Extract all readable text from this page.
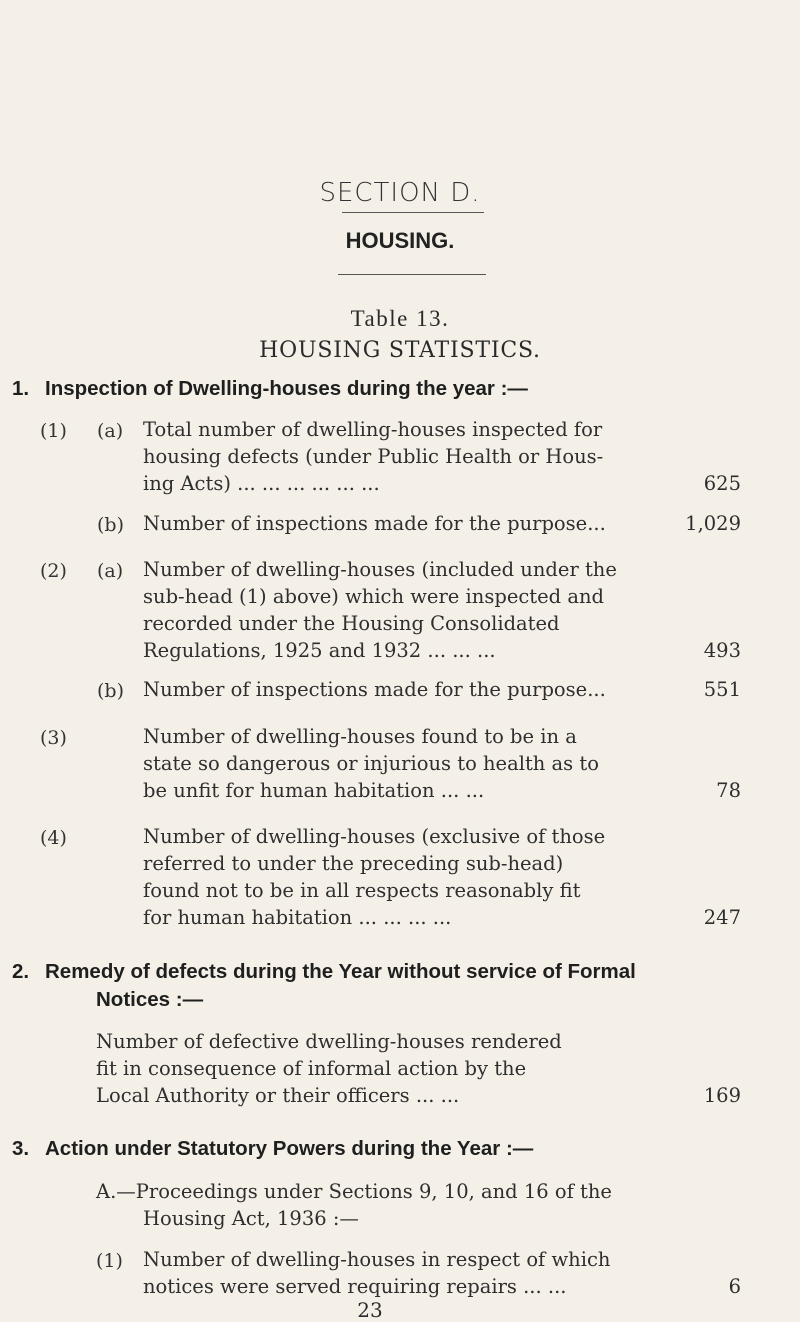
SECTION D.
HOUSING.
Table 13.
HOUSING STATISTICS.
1. Inspection of Dwelling-houses during the year :—
(1) (a) Total number of dwelling-houses inspected for
housing defects (under Public Health or Hous-
ing Acts) ... ... ... ... ... ...	625
(b) Number of inspections made for the purpose...	1,029
(2) (a) Number of dwelling-houses (included under the
sub-head (1) above) which were inspected and
recorded under the Housing Consolidated
Regulations, 1925 and 1932 ... ... ...	493
(b) Number of inspections made for the purpose...	551
(3)	Number of dwelling-houses found to be in a
state so dangerous or injurious to health as to
be unfit for human habitation ... ...	78
(4)	Number of dwelling-houses (exclusive of those
referred to under the preceding sub-head)
found not to be in all respects reasonably fit
for human habitation ... ... ... ...	247
2. Remedy of defects during the Year without service of Formal
Notices :—
Number of defective dwelling-houses rendered
fit in consequence of informal action by the
Local Authority or their officers ... ...	169
3. Action under Statutory Powers during the Year :—
A.—Proceedings under Sections 9, 10, and 16 of the
Housing Act, 1936 :—
(1) Number of dwelling-houses in respect of which
notices were served requiring repairs ... ...	6
23
